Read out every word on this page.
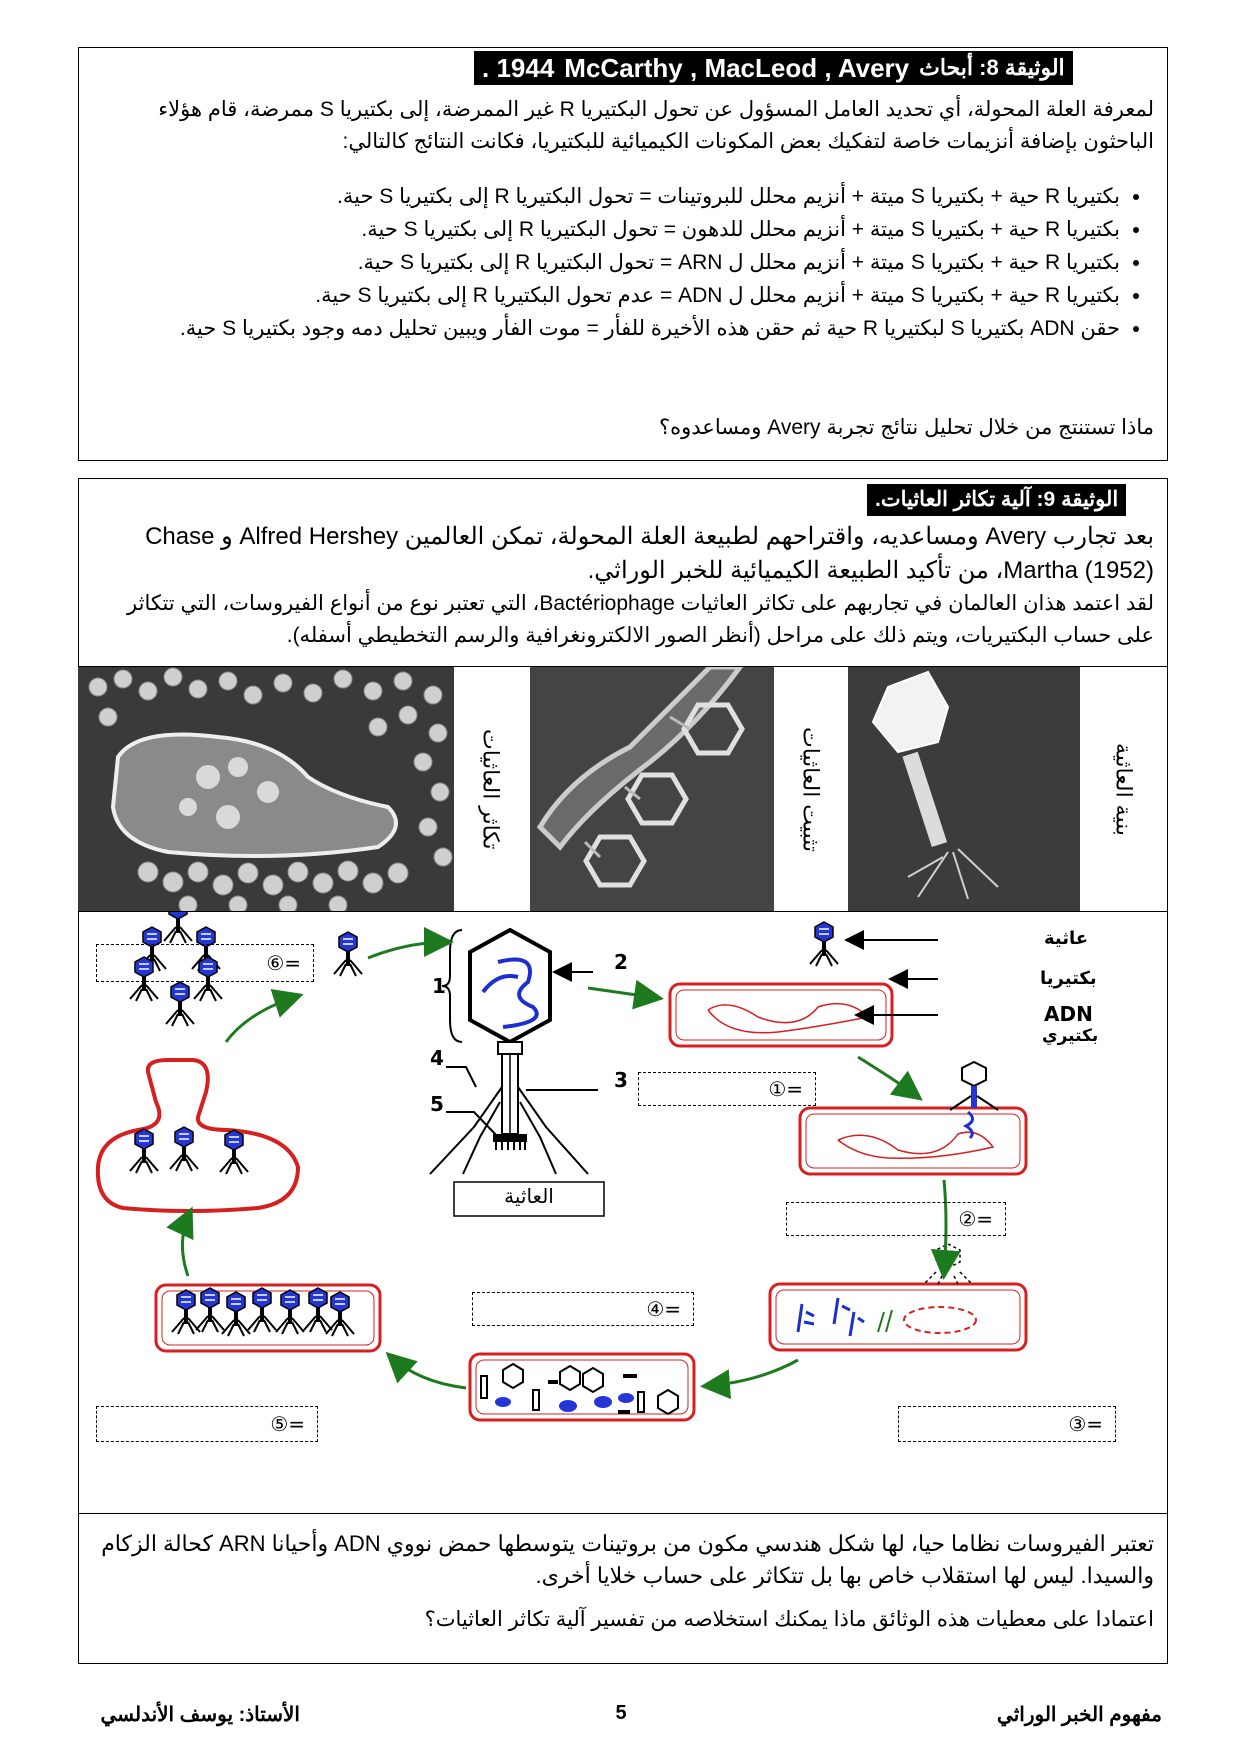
الوثيقة 8: أبحاث
McCarthy , MacLeod , Avery
1944 .
لمعرفة العلة المحولة، أي تحديد العامل المسؤول عن تحول البكتيريا R غير الممرضة، إلى بكتيريا S ممرضة، قام هؤلاء الباحثون بإضافة أنزيمات خاصة لتفكيك بعض المكونات الكيميائية للبكتيريا، فكانت النتائج كالتالي:
• بكتيريا R حية + بكتيريا S ميتة + أنزيم محلل للبروتينات = تحول البكتيريا R إلى بكتيريا S حية.
• بكتيريا R حية + بكتيريا S ميتة + أنزيم محلل للدهون = تحول البكتيريا R إلى بكتيريا S حية.
• بكتيريا R حية + بكتيريا S ميتة + أنزيم محلل ل ARN = تحول البكتيريا R إلى بكتيريا S حية.
• بكتيريا R حية + بكتيريا S ميتة + أنزيم محلل ل ADN = عدم تحول البكتيريا R إلى بكتيريا S حية.
• حقن ADN بكتيريا S لبكتيريا R حية ثم حقن هذه الأخيرة للفأر = موت الفأر ويبين تحليل دمه وجود بكتيريا S حية.
ماذا تستنتج من خلال تحليل نتائج تجربة Avery ومساعدوه؟
الوثيقة 9: آلية تكاثر العاثيات.
بعد تجارب Avery ومساعديه، واقتراحهم لطبيعة العلة المحولة، تمكن العالمين Alfred Hershey و Chase Martha (1952)، من تأكيد الطبيعة الكيميائية للخبر الوراثي.
لقد اعتمد هذان العالمان في تجاربهم على تكاثر العاثيات Bactériophage، التي تعتبر نوع من أنواع الفيروسات، التي تتكاثر على حساب البكتيريات، ويتم ذلك على مراحل (أنظر الصور الالكترونغرافية والرسم التخطيطي أسفله).
تكاثر العاثيات	تثبيت العاثيات	بنية العاثية
العاثية
1
2
3
4
5
عاثية
بكتيريا
ADN
بكتيري
①=
②=
③=
④=
⑤=
⑥=
تعتبر الفيروسات نظاما حيا، لها شكل هندسي مكون من بروتينات يتوسطها حمض نووي ADN وأحيانا ARN كحالة الزكام والسيدا. ليس لها استقلاب خاص بها بل تتكاثر على حساب خلايا أخرى.
اعتمادا على معطيات هذه الوثائق ماذا يمكنك استخلاصه من تفسير آلية تكاثر العاثيات؟
مفهوم الخبر الوراثي
5
الأستاذ: يوسف الأندلسي
